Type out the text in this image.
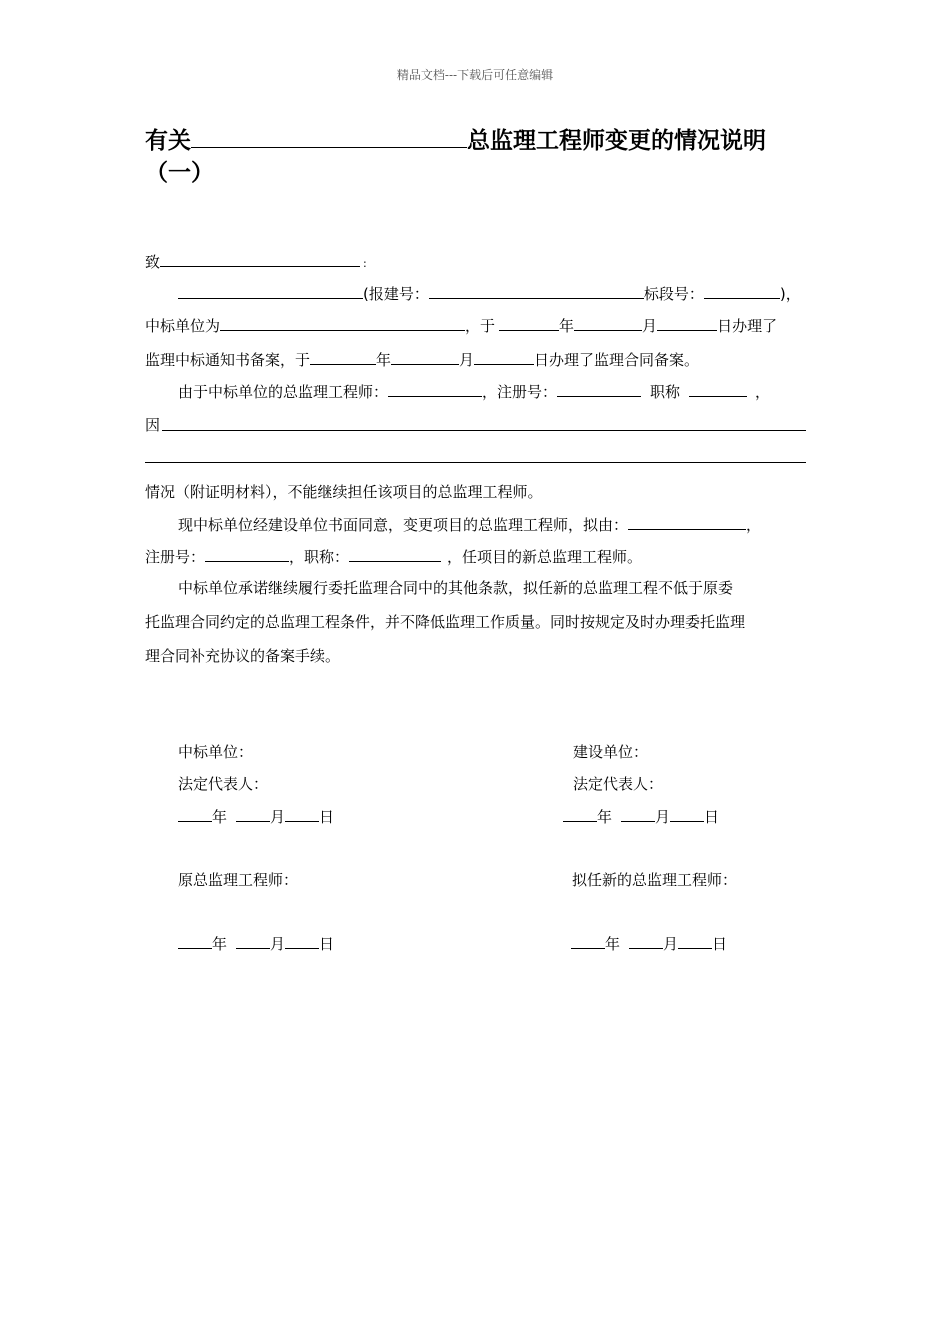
精品文档---下载后可任意编辑
有关	总监理工程师变更的情况说明
（一）
致	:
(报建号：	标段号：	)，
中标单位为	，于	年	月	日办理了
监理中标通知书备案，于	年	月	日办理了监理合同备案。
由于中标单位的总监理工程师：	，注册号：	职称	，
因
情况（附证明材料），不能继续担任该项目的总监理工程师。
现中标单位经建设单位书面同意，变更项目的总监理工程师，拟由：	，
注册号：	，职称：	，任项目的新总监理工程师。
中标单位承诺继续履行委托监理合同中的其他条款，拟任新的总监理工程不低于原委
托监理合同约定的总监理工程条件，并不降低监理工作质量。同时按规定及时办理委托监理
理合同补充协议的备案手续。
中标单位：	建设单位：
法定代表人：	法定代表人：
年	月 日	年	月 日
原总监理工程师：	拟任新的总监理工程师：
年	月 日	年	月 日
